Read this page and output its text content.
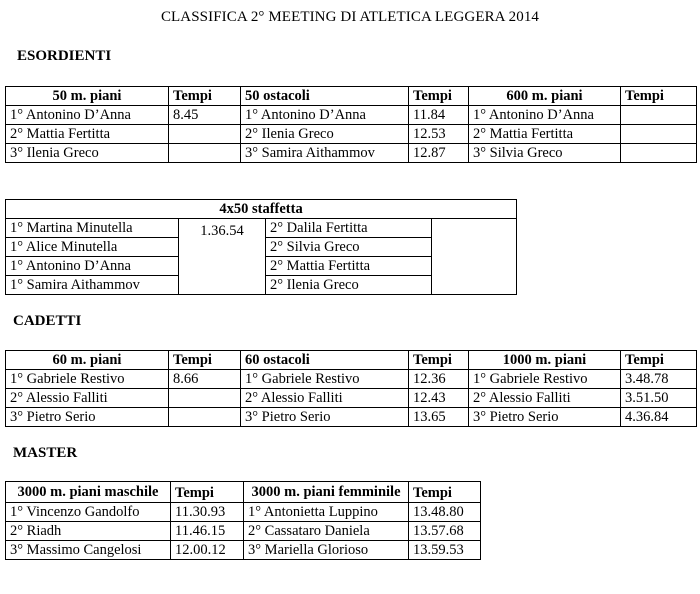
CLASSIFICA 2° MEETING DI ATLETICA LEGGERA 2014
ESORDIENTI
50 m. piani	Tempi	50 ostacoli	Tempi	600 m. piani	Tempi
1° Antonino D’Anna	8.45	1° Antonino D’Anna	11.84	1° Antonino D’Anna	
2° Mattia Fertitta		2° Ilenia Greco	12.53	2° Mattia Fertitta	
3° Ilenia Greco		3° Samira Aithammov	12.87	3° Silvia Greco	
4x50 staffetta			
1° Martina Minutella	1.36.54	2° Dalila Fertitta	
1° Alice Minutella		2° Silvia Greco	
1° Antonino D’Anna		2° Mattia Fertitta	
1° Samira Aithammov		2° Ilenia Greco	
CADETTI
60 m. piani	Tempi	60 ostacoli	Tempi	1000 m. piani	Tempi
1° Gabriele Restivo	8.66	1° Gabriele Restivo	12.36	1° Gabriele Restivo	3.48.78
2° Alessio Falliti		2° Alessio Falliti	12.43	2° Alessio Falliti	3.51.50
3° Pietro Serio		3° Pietro Serio	13.65	3° Pietro Serio	4.36.84
MASTER
3000 m. piani maschile	Tempi	3000 m. piani femminile	Tempi
1° Vincenzo Gandolfo	11.30.93	1° Antonietta Luppino	13.48.80
2° Riadh	11.46.15	2° Cassataro Daniela	13.57.68
3° Massimo Cangelosi	12.00.12	3° Mariella Glorioso	13.59.53
